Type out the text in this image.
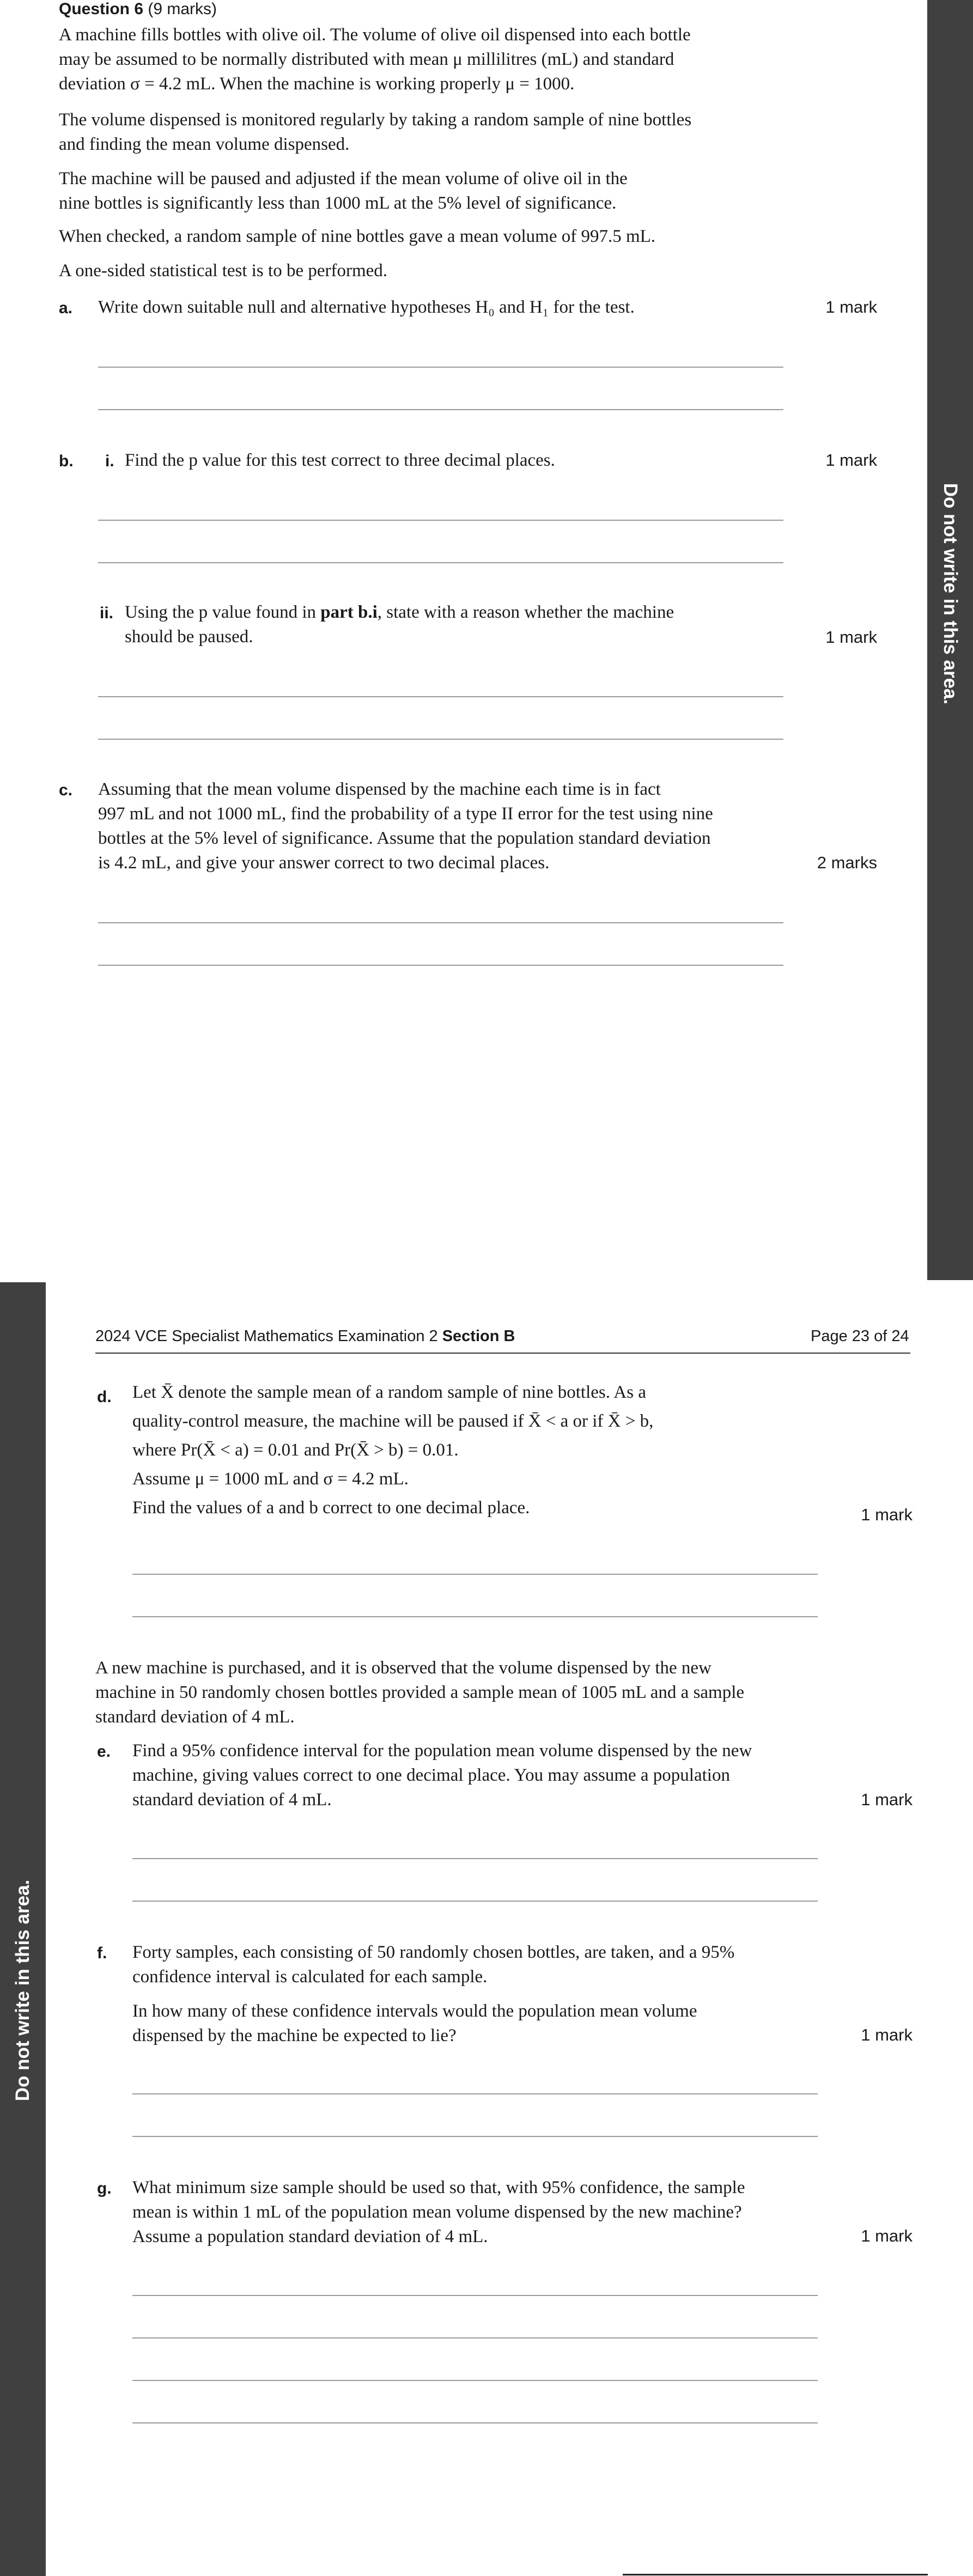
Do not write in this area.
Do not write in this area.
Question 6 (9 marks)
A machine fills bottles with olive oil. The volume of olive oil dispensed into each bottle
may be assumed to be normally distributed with mean μ millilitres (mL) and standard
deviation σ = 4.2 mL. When the machine is working properly μ = 1000.
The volume dispensed is monitored regularly by taking a random sample of nine bottles
and finding the mean volume dispensed.
The machine will be paused and adjusted if the mean volume of olive oil in the
nine bottles is significantly less than 1000 mL at the 5% level of significance.
When checked, a random sample of nine bottles gave a mean volume of 997.5 mL.
A one-sided statistical test is to be performed.
a. Write down suitable null and alternative hypotheses H₀ and H₁ for the test.	1 mark
b. i. Find the p value for this test correct to three decimal places.	1 mark
ii. Using the p value found in part b.i, state with a reason whether the machine
should be paused.	1 mark
c. Assuming that the mean volume dispensed by the machine each time is in fact
997 mL and not 1000 mL, find the probability of a type II error for the test using nine
bottles at the 5% level of significance. Assume that the population standard deviation
is 4.2 mL, and give your answer correct to two decimal places.	2 marks
2024 VCE Specialist Mathematics Examination 2 Section B	Page 23 of 24
d. Let X̄ denote the sample mean of a random sample of nine bottles. As a
quality-control measure, the machine will be paused if X̄ < a or if X̄ > b,
where Pr(X̄ < a) = 0.01 and Pr(X̄ > b) = 0.01.
Assume μ = 1000 mL and σ = 4.2 mL.
Find the values of a and b correct to one decimal place.	1 mark
A new machine is purchased, and it is observed that the volume dispensed by the new
machine in 50 randomly chosen bottles provided a sample mean of 1005 mL and a sample
standard deviation of 4 mL.
e. Find a 95% confidence interval for the population mean volume dispensed by the new
machine, giving values correct to one decimal place. You may assume a population
standard deviation of 4 mL.	1 mark
f. Forty samples, each consisting of 50 randomly chosen bottles, are taken, and a 95%
confidence interval is calculated for each sample.
In how many of these confidence intervals would the population mean volume
dispensed by the machine be expected to lie?	1 mark
g. What minimum size sample should be used so that, with 95% confidence, the sample
mean is within 1 mL of the population mean volume dispensed by the new machine?
Assume a population standard deviation of 4 mL.	1 mark
